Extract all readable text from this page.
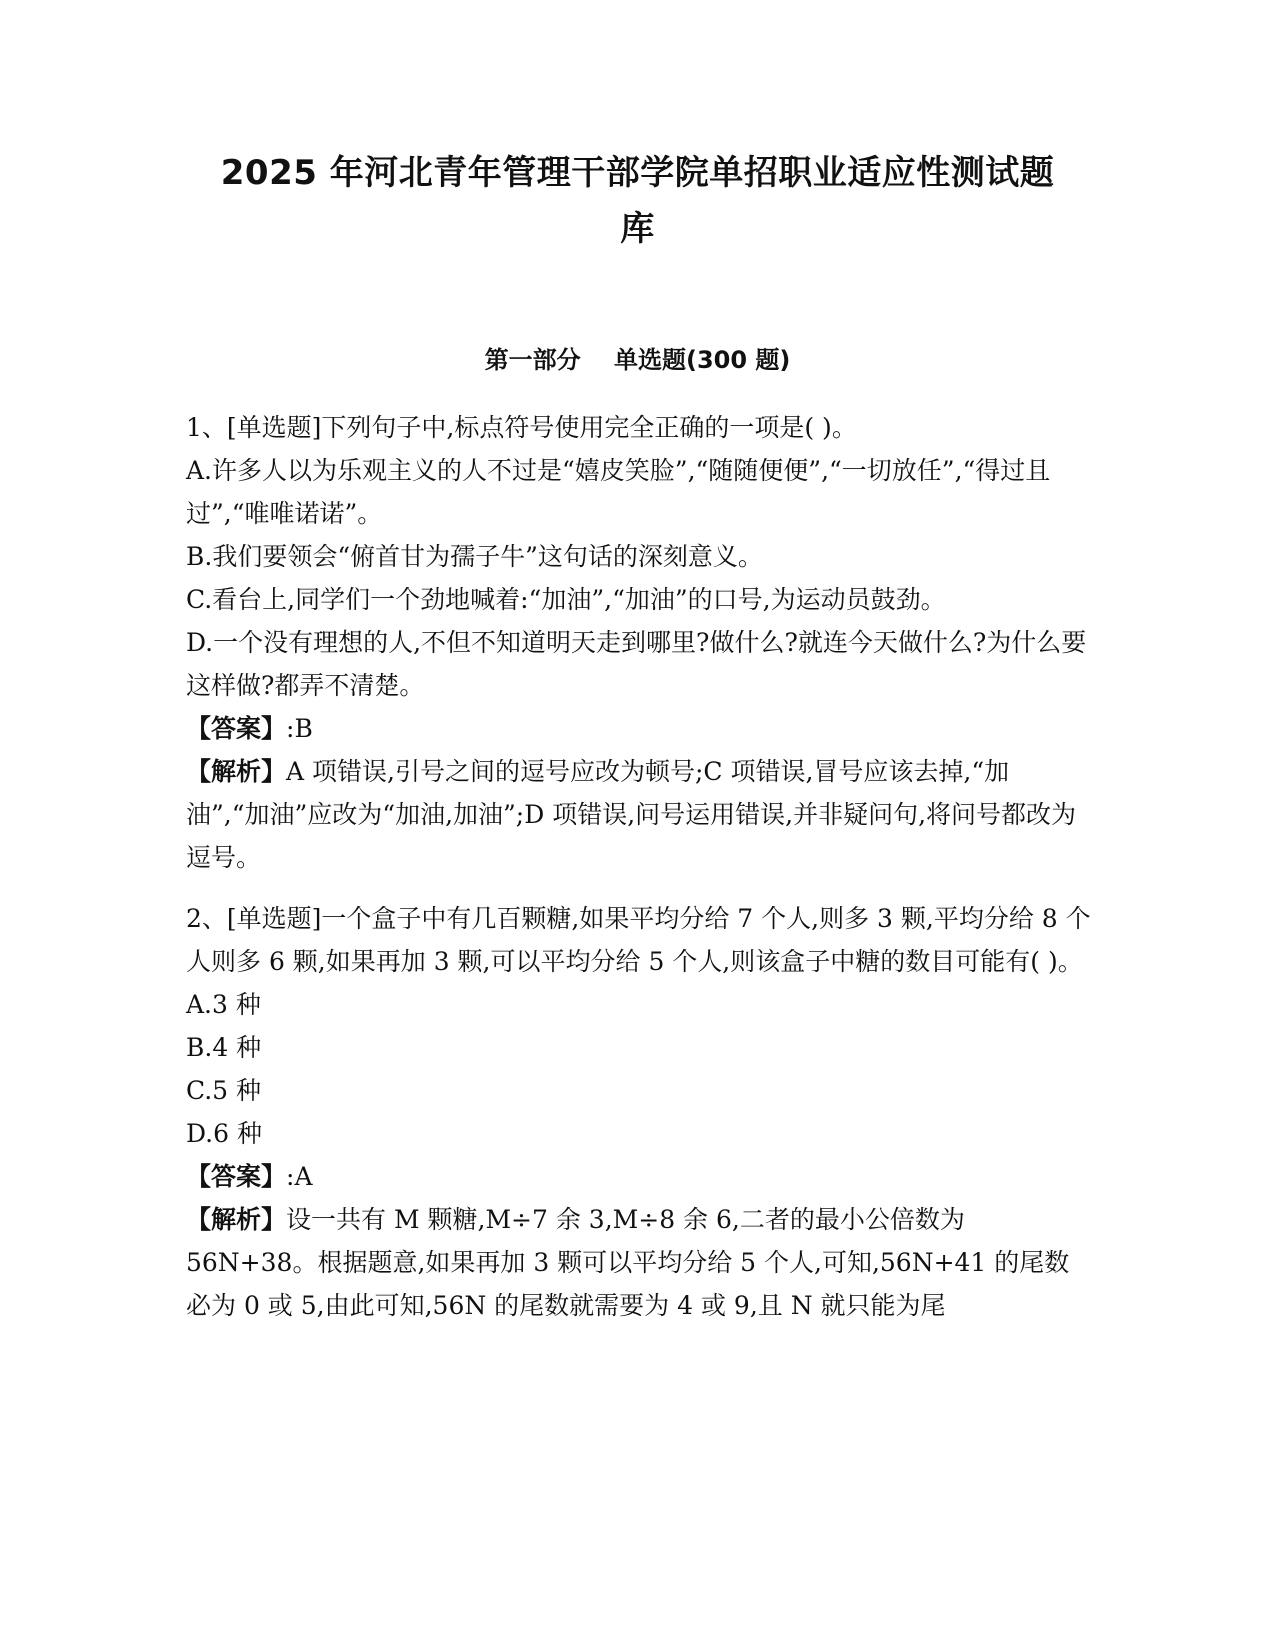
2025 年河北青年管理干部学院单招职业适应性测试题
库
第一部分    单选题(300 题)

1、[单选题]下列句子中,标点符号使用完全正确的一项是( )。

A.许多人以为乐观主义的人不过是“嬉皮笑脸”,“随随便便”,“一切放任”,“得过且过”,“唯唯诺诺”。

B.我们要领会“俯首甘为孺子牛”这句话的深刻意义。

C.看台上,同学们一个劲地喊着:“加油”,“加油”的口号,为运动员鼓劲。

D.一个没有理想的人,不但不知道明天走到哪里?做什么?就连今天做什么?为什么要这样做?都弄不清楚。

【答案】:B

【解析】A 项错误,引号之间的逗号应改为顿号;C 项错误,冒号应该去掉,“加油”,“加油”应改为“加油,加油”;D 项错误,问号运用错误,并非疑问句,将问号都改为逗号。

2、[单选题]一个盒子中有几百颗糖,如果平均分给 7 个人,则多 3 颗,平均分给 8 个人则多 6 颗,如果再加 3 颗,可以平均分给 5 个人,则该盒子中糖的数目可能有( )。

A.3 种

B.4 种

C.5 种

D.6 种

【答案】:A

【解析】设一共有 M 颗糖,M÷7 余 3,M÷8 余 6,二者的最小公倍数为 56N+38。根据题意,如果再加 3 颗可以平均分给 5 个人,可知,56N+41 的尾数必为 0 或 5,由此可知,56N 的尾数就需要为 4 或 9,且 N 就只能为尾
